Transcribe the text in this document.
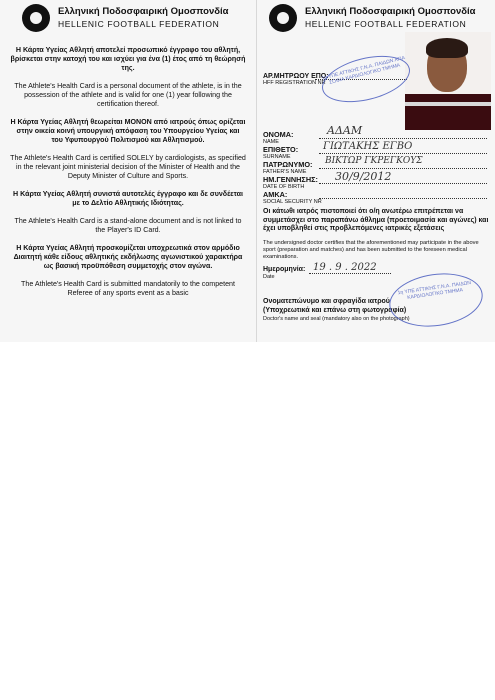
Ελληνική Ποδοσφαιρική Ομοσπονδία
HELLENIC FOOTBALL FEDERATION

Η Κάρτα Υγείας Αθλητή αποτελεί προσωπικό έγγραφο του αθλητή, βρίσκεται στην κατοχή του και ισχύει για ένα (1) έτος από τη θεώρησή της.

The Athlete's Health Card is a personal document of the athlete, is in the possession of the athlete and is valid for one (1) year following the certification thereof.

Η Κάρτα Υγείας Αθλητή θεωρείται ΜΟΝΟΝ από ιατρούς όπως ορίζεται στην οικεία κοινή υπουργική απόφαση του Υπουργείου Υγείας και του Υφυπουργού Πολιτισμού και Αθλητισμού.

The Athlete's Health Card is certified SOLELY by cardiologists, as specified in the relevant joint ministerial decision of the Minister of Health and the Deputy Minister of Culture and Sports.

Η Κάρτα Υγείας Αθλητή συνιστά αυτοτελές έγγραφο και δε συνδέεται με το Δελτίο Αθλητικής Ιδιότητας.

The Athlete's Health Card is a stand-alone document and is not linked to the Player's ID Card.

Η Κάρτα Υγείας Αθλητή προσκομίζεται υποχρεωτικά στον αρμόδιο Διαιτητή κάθε είδους αθλητικής εκδήλωσης αγωνιστικού χαρακτήρα ως βασική προϋπόθεση συμμετοχής στον αγώνα.

The Athlete's Health Card is submitted mandatorily to the competent Referee of any sports event as a basic

Ελληνική Ποδοσφαιρική Ομοσπονδία
HELLENIC FOOTBALL FEDERATION
ΑΡ.ΜΗΤΡΩΟΥ ΕΠΟ:
HFF REGISTRATION NR
1η ΥΠΕ ΑΤΤΙΚΗΣ Γ.Ν.Α. ΠΑΙΔΩΝ ΑΓΙΑ ΣΟΦΙΑ ΚΑΡΔΙΟΛΟΓΙΚΟ ΤΜΗΜΑ
ΟΝΟΜΑ:
NAME
ΑΔΑΜ
ΕΠΙΘΕΤΟ:
SURNAME
ΓΙΩΤΑΚΗΣ ΕΓΒΟ
ΠΑΤΡΩΝΥΜΟ:
FATHER'S NAME
ΒΙΚΤΩΡ ΓΚΡΕΓΚΟΥΣ
ΗΜ.ΓΕΝΝΗΣΗΣ:
DATE OF BIRTH
30/9/2012
ΑΜΚΑ:
SOCIAL SECURITY NR
Οι κάτωθι ιατρός πιστοποιεί ότι ο/η ανωτέρω επιτρέπεται να συμμετάσχει στο παραπάνω άθλημα (προετοιμασία και αγώνες) και έχει υποβληθεί στις προβλεπόμενες ιατρικές εξετάσεις
The undersigned doctor certifies that the aforementioned may participate in the above sport (preparation and matches) and has been submitted to the foreseen medical examinations.
Ημερομηνία:
Date
19 . 9 . 2022
Ονοματεπώνυμο και σφραγίδα ιατρού (Υποχρεωτικά και επάνω στη φωτογραφία)
Doctor's name and seal (mandatory also on the photograph)
1η ΥΠΕ ΑΤΤΙΚΗΣ Γ.Ν.Α. ΠΑΙΔΩΝ ΚΑΡΔΙΟΛΟΓΙΚΟ ΤΜΗΜΑ
